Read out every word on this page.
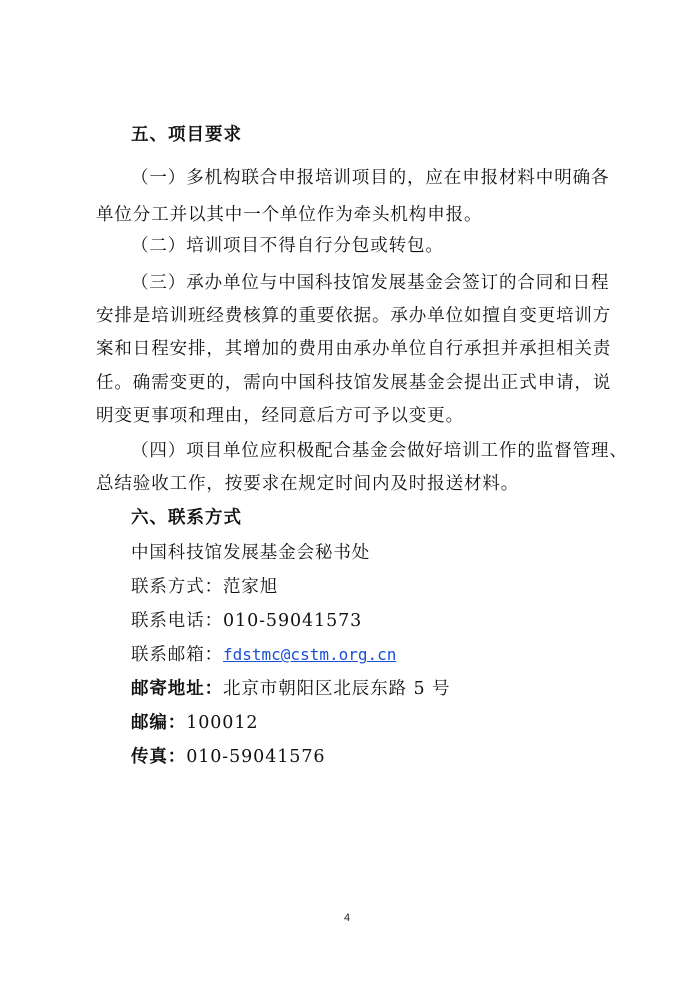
五、项目要求
（一）多机构联合申报培训项目的，应在申报材料中明确各
单位分工并以其中一个单位作为牵头机构申报。
（二）培训项目不得自行分包或转包。
（三）承办单位与中国科技馆发展基金会签订的合同和日程
安排是培训班经费核算的重要依据。承办单位如擅自变更培训方
案和日程安排，其增加的费用由承办单位自行承担并承担相关责
任。确需变更的，需向中国科技馆发展基金会提出正式申请，说
明变更事项和理由，经同意后方可予以变更。
（四）项目单位应积极配合基金会做好培训工作的监督管理、
总结验收工作，按要求在规定时间内及时报送材料。
六、联系方式
中国科技馆发展基金会秘书处
联系方式：范家旭
联系电话：010-59041573
联系邮箱：fdstmc@cstm.org.cn
邮寄地址：北京市朝阳区北辰东路 5 号
邮编：100012
传真：010-59041576
4
